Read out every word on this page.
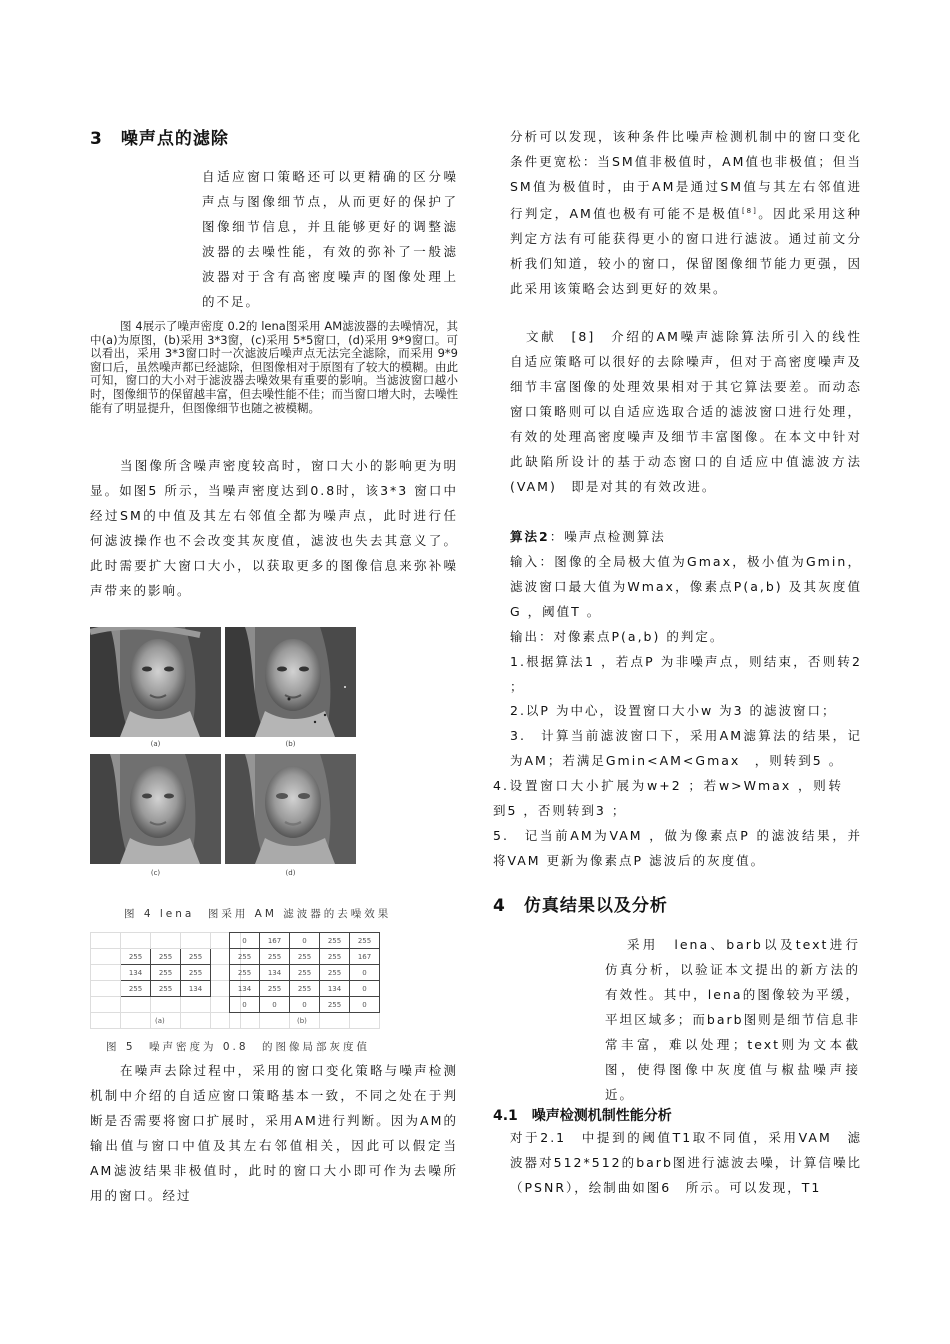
3　噪声点的滤除
自适应窗口策略还可以更精确的区分噪声点与图像细节点，从而更好的保护了图像细节信息，并且能够更好的调整滤波器的去噪性能，有效的弥补了一般滤波器对于含有高密度噪声的图像处理上的不足。
图 4展示了噪声密度 0.2的 lena图采用 AM滤波器的去噪情况，其中(a)为原图，(b)采用 3*3窗，(c)采用 5*5窗口，(d)采用 9*9窗口。可以看出，采用 3*3窗口时一次滤波后噪声点无法完全滤除，而采用 9*9窗口后，虽然噪声都已经滤除，但图像相对于原图有了较大的模糊。由此可知，窗口的大小对于滤波器去噪效果有重要的影响。当滤波窗口越小时，图像细节的保留越丰富，但去噪性能不佳；而当窗口增大时，去噪性能有了明显提升，但图像细节也随之被模糊。
当图像所含噪声密度较高时，窗口大小的影响更为明显。如图5 所示，当噪声密度达到0.8时，该3*3 窗口中经过SM的中值及其左右邻值全都为噪声点，此时进行任何滤波操作也不会改变其灰度值，滤波也失去其意义了。此时需要扩大窗口大小，以获取更多的图像信息来弥补噪声带来的影响。
(a)	(b)
(c)	(d)
图 4 lena　图采用 AM 滤波器的去噪效果

	255	255	255	
	134	255	255	
	255	255	134	

0	167	0	255	255
255	255	255	255	167
255	134	255	255	0
134	255	255	134	0
0	0	0	255	0

(a)	(b)
图 5　噪声密度为 0.8　的图像局部灰度值
在噪声去除过程中，采用的窗口变化策略与噪声检测机制中介绍的自适应窗口策略基本一致，不同之处在于判断是否需要将窗口扩展时，采用AM进行判断。因为AM的输出值与窗口中值及其左右邻值相关，因此可以假定当AM滤波结果非极值时，此时的窗口大小即可作为去噪所用的窗口。经过
分析可以发现，该种条件比噪声检测机制中的窗口变化条件更宽松：当SM值非极值时，AM值也非极值；但当SM值为极值时，由于AM是通过SM值与其左右邻值进行判定，AM值也极有可能不是极值[8]。因此采用这种判定方法有可能获得更小的窗口进行滤波。通过前文分析我们知道，较小的窗口，保留图像细节能力更强，因此采用该策略会达到更好的效果。
文献　[8]　介绍的AM噪声滤除算法所引入的线性自适应策略可以很好的去除噪声，但对于高密度噪声及细节丰富图像的处理效果相对于其它算法要差。而动态窗口策略则可以自适应选取合适的滤波窗口进行处理，有效的处理高密度噪声及细节丰富图像。在本文中针对此缺陷所设计的基于动态窗口的自适应中值滤波方法(VAM)　即是对其的有效改进。
算法2：噪声点检测算法
输入：图像的全局极大值为Gmax，极小值为Gmin，滤波窗口最大值为Wmax，像素点P(a,b) 及其灰度值G ，阈值T 。
输出：对像素点P(a,b) 的判定。
1.根据算法1 ，若点P 为非噪声点，则结束，否则转2 ；
2.以P 为中心，设置窗口大小w 为3 的滤波窗口；
3.　计算当前滤波窗口下，采用AM滤算法的结果，记为AM；若满足Gmin<AM<Gmax　，则转到5 。
4.设置窗口大小扩展为w+2 ；若w>Wmax ，则转到5 ，否则转到3 ；
5.　记当前AM为VAM ，做为像素点P 的滤波结果，并将VAM 更新为像素点P 滤波后的灰度值。
4　仿真结果以及分析
采用　lena、barb以及text进行仿真分析，以验证本文提出的新方法的有效性。其中，lena的图像较为平缓，平坦区域多；而barb图则是细节信息非常丰富，难以处理；text则为文本截图，使得图像中灰度值与椒盐噪声接近。
4.1　噪声检测机制性能分析
对于2.1　中提到的阈值T1取不同值，采用VAM　滤波器对512*512的barb图进行滤波去噪，计算信噪比（PSNR），绘制曲如图6　所示。可以发现，T1
